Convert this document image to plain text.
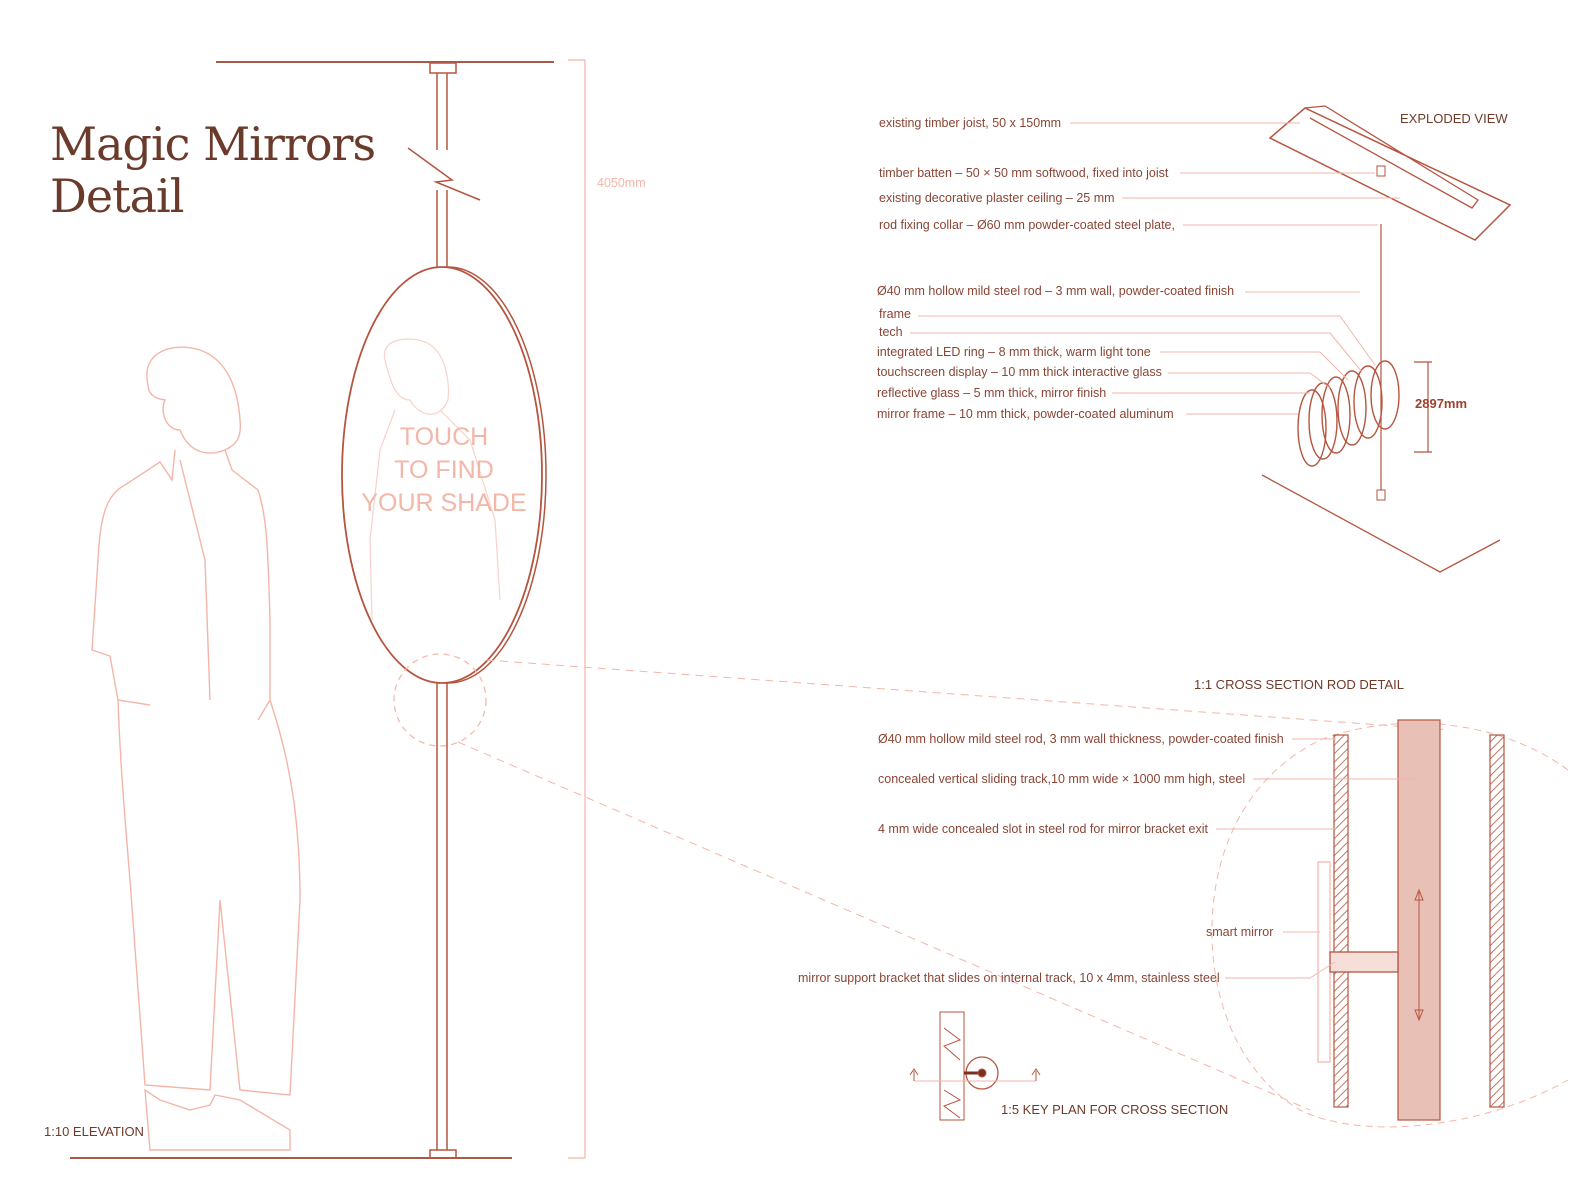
Magic Mirrors
Detail
TOUCH
TO FIND
YOUR SHADE
1:10 ELEVATION
4050mm
EXPLODED VIEW
2897mm
existing timber joist, 50 x 150mm
timber batten – 50 × 50 mm softwood, fixed into joist
existing decorative plaster ceiling – 25 mm
rod fixing collar – Ø60 mm powder-coated steel plate,
Ø40 mm hollow mild steel rod – 3 mm wall, powder-coated finish
frame
tech
integrated LED ring – 8 mm thick, warm light tone
touchscreen display – 10 mm thick interactive glass
reflective glass – 5 mm thick, mirror finish
mirror frame – 10 mm thick, powder-coated aluminum
1:1 CROSS SECTION ROD DETAIL
Ø40 mm hollow mild steel rod, 3 mm wall thickness, powder-coated finish
concealed vertical sliding track,10 mm wide × 1000 mm high, steel
4 mm wide concealed slot in steel rod for mirror bracket exit
smart mirror
mirror support bracket that slides on internal track, 10 x 4mm, stainless steel
1:5 KEY PLAN FOR CROSS SECTION
